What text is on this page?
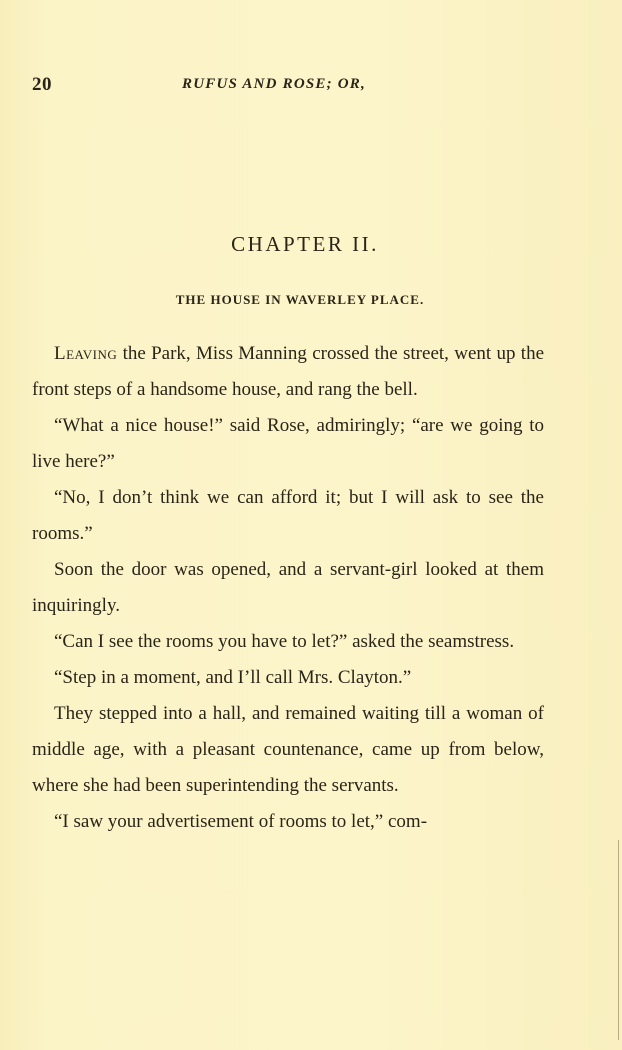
20	RUFUS AND ROSE; OR,
CHAPTER II.
THE HOUSE IN WAVERLEY PLACE.

Leaving the Park, Miss Manning crossed the street, went up the front steps of a handsome house, and rang the bell.

“What a nice house!” said Rose, admiringly; “are we going to live here?”

“No, I don’t think we can afford it; but I will ask to see the rooms.”

Soon the door was opened, and a servant-girl looked at them inquiringly.

“Can I see the rooms you have to let?” asked the seamstress.

“Step in a moment, and I’ll call Mrs. Clayton.”

They stepped into a hall, and remained waiting till a woman of middle age, with a pleasant countenance, came up from below, where she had been superintending the servants.

“I saw your advertisement of rooms to let,” com-
